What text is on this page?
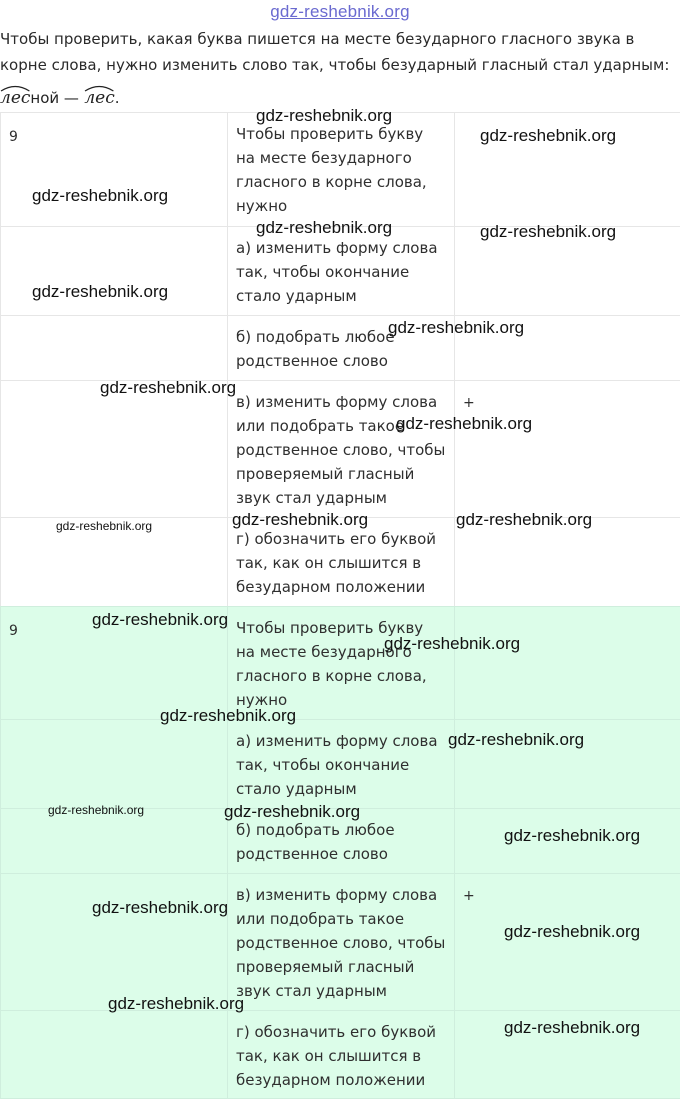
gdz-reshebnik.org
Чтобы проверить, какая буква пишется на месте безударного гласного звука в корне слова, нужно изменить слово так, чтобы безударный гласный стал ударным:
лесной — лес.
9	Чтобы проверить букву на месте безударного гласного в корне слова, нужно	

	а) изменить форму слова так, чтобы окончание стало ударным	

	б) подобрать любое родственное слово	

	в) изменить форму слова или подобрать такое родственное слово, чтобы проверяемый гласный звук стал ударным	+

	г) обозначить его буквой так, как он слышится в безударном положении	

9	Чтобы проверить букву на месте безударного гласного в корне слова, нужно	

	а) изменить форму слова так, чтобы окончание стало ударным	

	б) подобрать любое родственное слово	

	в) изменить форму слова или подобрать такое родственное слово, чтобы проверяемый гласный звук стал ударным	+

	г) обозначить его буквой так, как он слышится в безударном положении	

gdz-reshebnik.org
gdz-reshebnik.org
gdz-reshebnik.org
gdz-reshebnik.org	gdz-reshebnik.org
gdz-reshebnik.org
gdz-reshebnik.org
gdz-reshebnik.org
gdz-reshebnik.org
gdz-reshebnik.org	gdz-reshebnik.org	gdz-reshebnik.org
gdz-reshebnik.org
gdz-reshebnik.org
gdz-reshebnik.org
gdz-reshebnik.org
gdz-reshebnik.org	gdz-reshebnik.org
gdz-reshebnik.org
gdz-reshebnik.org
gdz-reshebnik.org
gdz-reshebnik.org
gdz-reshebnik.org
